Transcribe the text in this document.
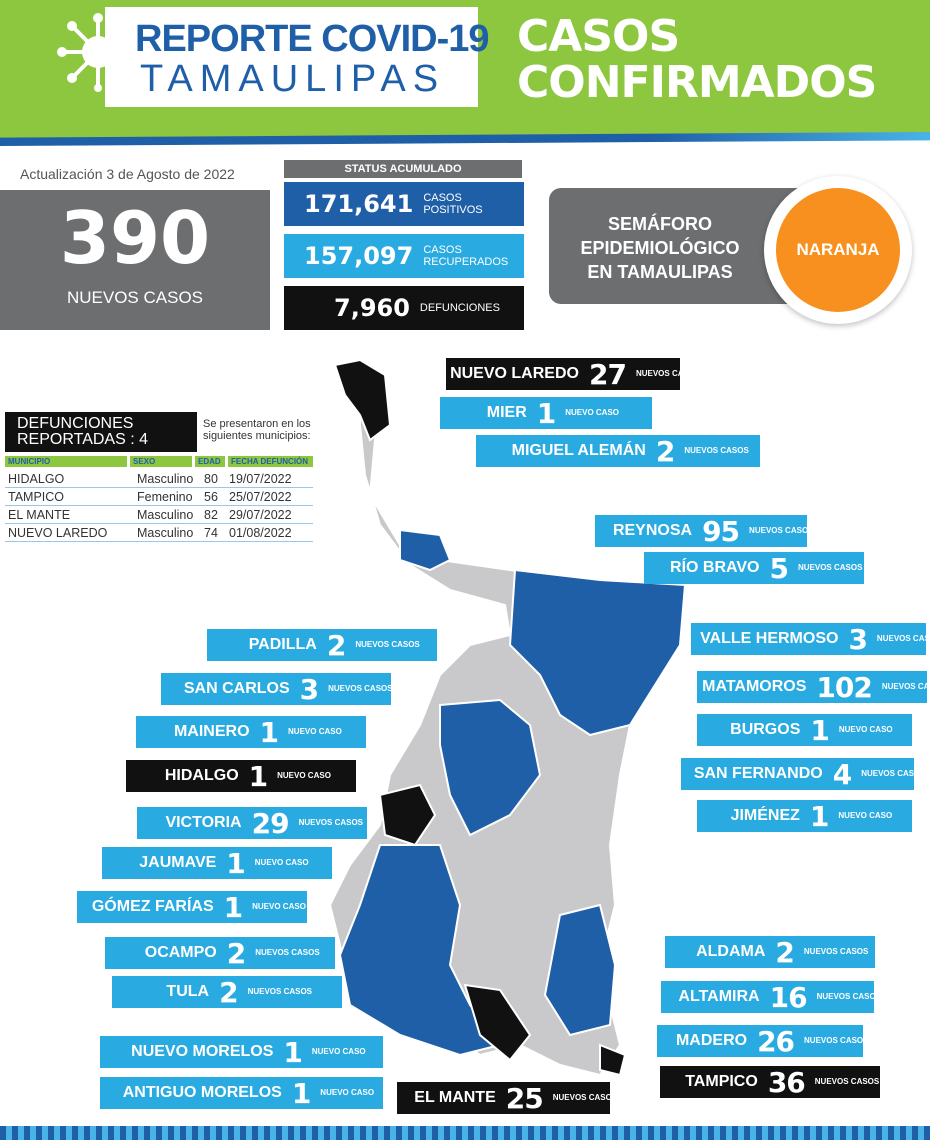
REPORTE COVID-19
TAMAULIPAS
CASOS
CONFIRMADOS
Actualización 3 de Agosto de 2022
390
NUEVOS CASOS
STATUS ACUMULADO
171,641 CASOS POSITIVOS
157,097 CASOS RECUPERADOS
7,960 DEFUNCIONES
SEMÁFORO
EPIDEMIOLÓGICO
EN TAMAULIPAS
NARANJA
DEFUNCIONES
REPORTADAS : 4
Se presentaron en los siguientes municipios:
MUNICIPIO	SEXO	EDAD	FECHA DEFUNCIÓN
HIDALGO	Masculino 80 19/07/2022
TAMPICO	Femenino 56 25/07/2022
EL MANTE	Masculino 82 29/07/2022
NUEVO LAREDO Masculino 74 01/08/2022
NUEVO LAREDO 27 NUEVOS CASOS
MIER 1 NUEVO CASO
MIGUEL ALEMÁN 2 NUEVOS CASOS
REYNOSA 95 NUEVOS CASOS
RÍO BRAVO 5 NUEVOS CASOS
VALLE HERMOSO 3 NUEVOS CASOS
MATAMOROS 102 NUEVOS CASOS
BURGOS 1 NUEVO CASO
SAN FERNANDO 4 NUEVOS CASOS
JIMÉNEZ 1 NUEVO CASO
PADILLA 2 NUEVOS CASOS
SAN CARLOS 3 NUEVOS CASOS
MAINERO 1 NUEVO CASO
HIDALGO 1 NUEVO CASO
VICTORIA 29 NUEVOS CASOS
JAUMAVE 1 NUEVO CASO
GÓMEZ FARÍAS 1 NUEVO CASO
OCAMPO 2 NUEVOS CASOS
TULA 2 NUEVOS CASOS
NUEVO MORELOS 1 NUEVO CASO
ANTIGUO MORELOS 1 NUEVO CASO	EL MANTE 25 NUEVOS CASOS
ALDAMA 2 NUEVOS CASOS
ALTAMIRA 16 NUEVOS CASOS
MADERO 26 NUEVOS CASOS
TAMPICO 36 NUEVOS CASOS
